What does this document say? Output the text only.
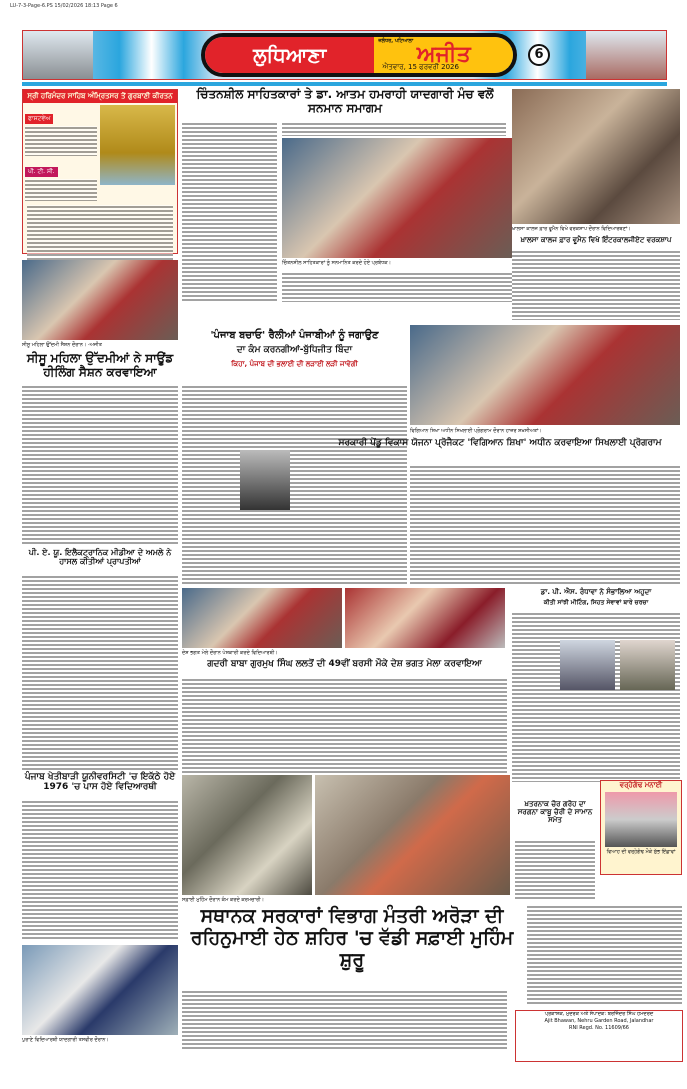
LU-7-3-Page-6.PS 15/02/2026 18:13 Page 6
ਲੁਧਿਆਣਾ
ਜਲੰਧਰ, ਪਟਿਆਲਾ
ਅਜੀਤ
ਐਤਵਾਰ, 15 ਫਰਵਰੀ 2026
6
ਸ੍ਰੀ ਹਰਿਮੰਦਰ ਸਾਹਿਬ ਅੰਮ੍ਰਿਤਸਰ ਤੋਂ ਗੁਰਬਾਣੀ ਕੀਰਤਨ
ਫਾਸਟਵੇਅ
ਪੀ. ਟੀ. ਸੀ.
ਸੀਸੂ ਮਹਿਲਾ ਉੱਦਮੀ ਸੈਸ਼ਨ ਦੌਰਾਨ। -ਅਜੀਤ
ਸੀਸੂ ਮਹਿਲਾ ਉੱਦਮੀਆਂ ਨੇ ਸਾਊਂਡ ਹੀਲਿੰਗ ਸੈਸ਼ਨ ਕਰਵਾਇਆ
ਪੀ. ਏ. ਯੂ. ਇਲੈਕਟ੍ਰਾਨਿਕ ਮੀਡੀਆ ਦੇ ਅਮਲੇ ਨੇ ਹਾਸਲ ਕੀਤੀਆਂ ਪ੍ਰਾਪਤੀਆਂ
ਪੰਜਾਬ ਖੇਤੀਬਾੜੀ ਯੂਨੀਵਰਸਿਟੀ 'ਚ ਇਕੱਠੇ ਹੋਏ 1976 'ਚ ਪਾਸ ਹੋਏ ਵਿਦਿਆਰਥੀ
ਪੁਰਾਣੇ ਵਿਦਿਆਰਥੀ ਯਾਦਗਾਰੀ ਤਸਵੀਰ ਦੌਰਾਨ।
ਚਿੰਤਨਸ਼ੀਲ ਸਾਹਿਤਕਾਰਾਂ ਤੇ ਡਾ. ਆਤਮ ਹਮਰਾਹੀ ਯਾਦਗਾਰੀ ਮੰਚ ਵਲੋਂ ਸਨਮਾਨ ਸਮਾਗਮ
ਚਿੰਤਨਸ਼ੀਲ ਸਾਹਿਤਕਾਰਾਂ ਨੂੰ ਸਨਮਾਨਿਤ ਕਰਦੇ ਹੋਏ ਪ੍ਰਬੰਧਕ।
'ਪੰਜਾਬ ਬਚਾਓ' ਰੈਲੀਆਂ ਪੰਜਾਬੀਆਂ ਨੂੰ ਜਗਾਉਣ
ਦਾ ਕੰਮ ਕਰਨਗੀਆਂ-ਬੁੱਧਿਜੀਤ ਬਿੰਦਾ
ਕਿਹਾ, ਪੰਜਾਬ ਦੀ ਭਲਾਈ ਦੀ ਲੜਾਈ ਲੜੀ ਜਾਵੇਗੀ
ਵਿਗਿਆਨ ਸ਼ਿਖਾ ਅਧੀਨ ਸਿਖਲਾਈ ਪ੍ਰੋਗਰਾਮ ਦੌਰਾਨ ਹਾਜ਼ਰ ਸ਼ਖ਼ਸੀਅਤਾਂ।
ਸਰਕਾਰੀ ਪੇਂਡੂ ਵਿਕਾਸ ਯੋਜਨਾ ਪ੍ਰੋਜੈਕਟ 'ਵਿਗਿਆਨ ਸ਼ਿਖਾ' ਅਧੀਨ ਕਰਵਾਇਆ ਸਿਖਲਾਈ ਪ੍ਰੋਗਰਾਮ
ਖ਼ਾਲਸਾ ਕਾਲਜ ਫ਼ਾਰ ਵੂਮੈਨ ਵਿਖੇ ਵਰਕਸ਼ਾਪ ਦੌਰਾਨ ਵਿਦਿਆਰਥਣਾਂ।
ਖ਼ਾਲਸਾ ਕਾਲਜ ਫ਼ਾਰ ਵੂਮੈਨ ਵਿਖੇ ਇੰਟਰਕਾਲਜੀਏਟ ਵਰਕਸ਼ਾਪ
ਡਾ. ਪੀ. ਐਸ. ਰੰਧਾਵਾ ਨੇ ਸੰਭਾਲਿਆ ਅਹੁਦਾ
ਕੀਤੀ ਸਾਂਝੀ ਮੀਟਿੰਗ, ਸਿਹਤ ਸੇਵਾਵਾਂ ਬਾਰੇ ਚਰਚਾ
ਦੇਸ਼ ਭਗਤ ਮੇਲੇ ਦੌਰਾਨ ਪੇਸ਼ਕਾਰੀ ਕਰਦੇ ਵਿਦਿਆਰਥੀ।
ਗਦਰੀ ਬਾਬਾ ਗੁਰਮੁਖ ਸਿੰਘ ਲਲਤੋਂ ਦੀ 49ਵੀਂ ਬਰਸੀ ਮੌਕੇ ਦੇਸ਼ ਭਗਤ ਮੇਲਾ ਕਰਵਾਇਆ
ਸਫ਼ਾਈ ਮੁਹਿੰਮ ਦੌਰਾਨ ਕੰਮ ਕਰਦੇ ਕਰਮਚਾਰੀ।
ਖ਼ਤਰਨਾਕ ਚੋਰ ਗਰੋਹ ਦਾ ਸਰਗਨਾ ਕਾਬੂ ਚੋਰੀ ਦੇ ਸਾਮਾਨ ਸਮੇਤ
ਵਰ੍ਹੇਗੰਢ ਮਨਾਈ
ਵਿਆਹ ਦੀ ਵਰ੍ਹੇਗੰਢ ਮੌਕੇ ਸ਼ੁੱਭ ਇੱਛਾਵਾਂ
ਸਥਾਨਕ ਸਰਕਾਰਾਂ ਵਿਭਾਗ ਮੰਤਰੀ ਅਰੋੜਾ ਦੀ ਰਹਿਨੁਮਾਈ ਹੇਠ ਸ਼ਹਿਰ 'ਚ ਵੱਡੀ ਸਫ਼ਾਈ ਮੁਹਿੰਮ ਸ਼ੁਰੂ
ਪ੍ਰਕਾਸ਼ਕ, ਮੁਦਰਕ ਅਤੇ ਸੰਪਾਦਕ: ਬਰਜਿੰਦਰ ਸਿੰਘ ਹਮਦਰਦ
Ajit Bhawan, Nehru Garden Road, Jalandhar
RNI Regd. No. 11609/66
